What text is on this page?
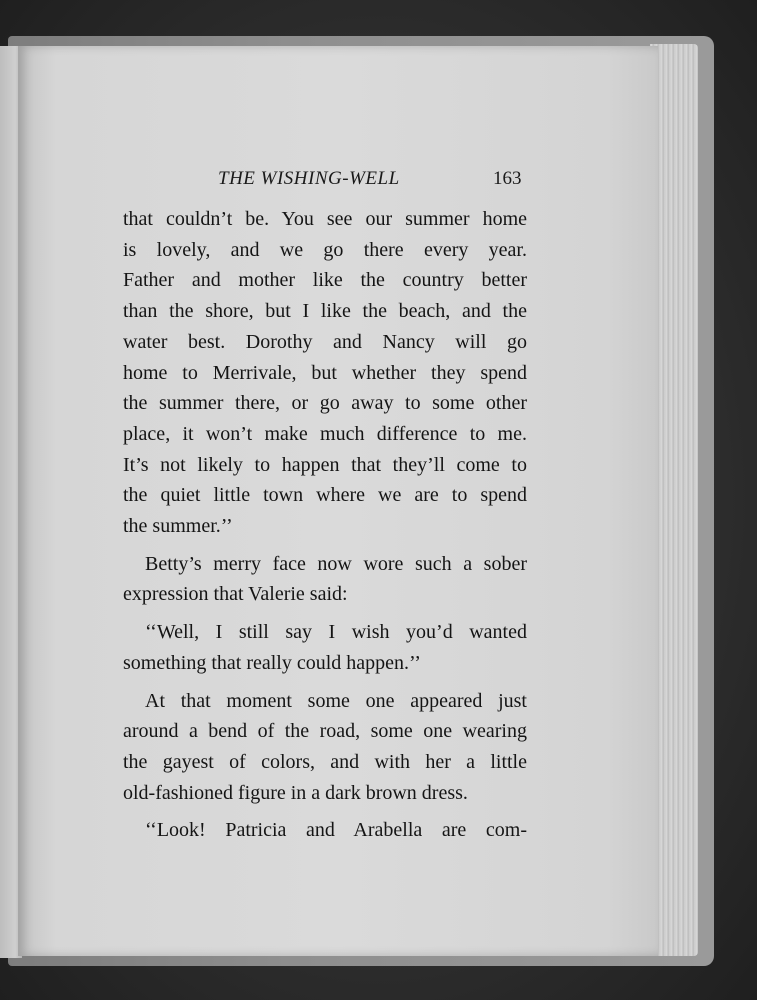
THE WISHING-WELL	163

that couldn’t be. You see our summer home
is lovely, and we go there every year.
Father and mother like the country better
than the shore, but I like the beach, and the
water best. Dorothy and Nancy will go
home to Merrivale, but whether they spend
the summer there, or go away to some other
place, it won’t make much difference to me.
It’s not likely to happen that they’ll come to
the quiet little town where we are to spend
the summer.’’

Betty’s merry face now wore such a sober
expression that Valerie said:

‘‘Well, I still say I wish you’d wanted
something that really could happen.’’

At that moment some one appeared just
around a bend of the road, some one wearing
the gayest of colors, and with her a little
old-fashioned figure in a dark brown dress.

‘‘Look! Patricia and Arabella are com-
